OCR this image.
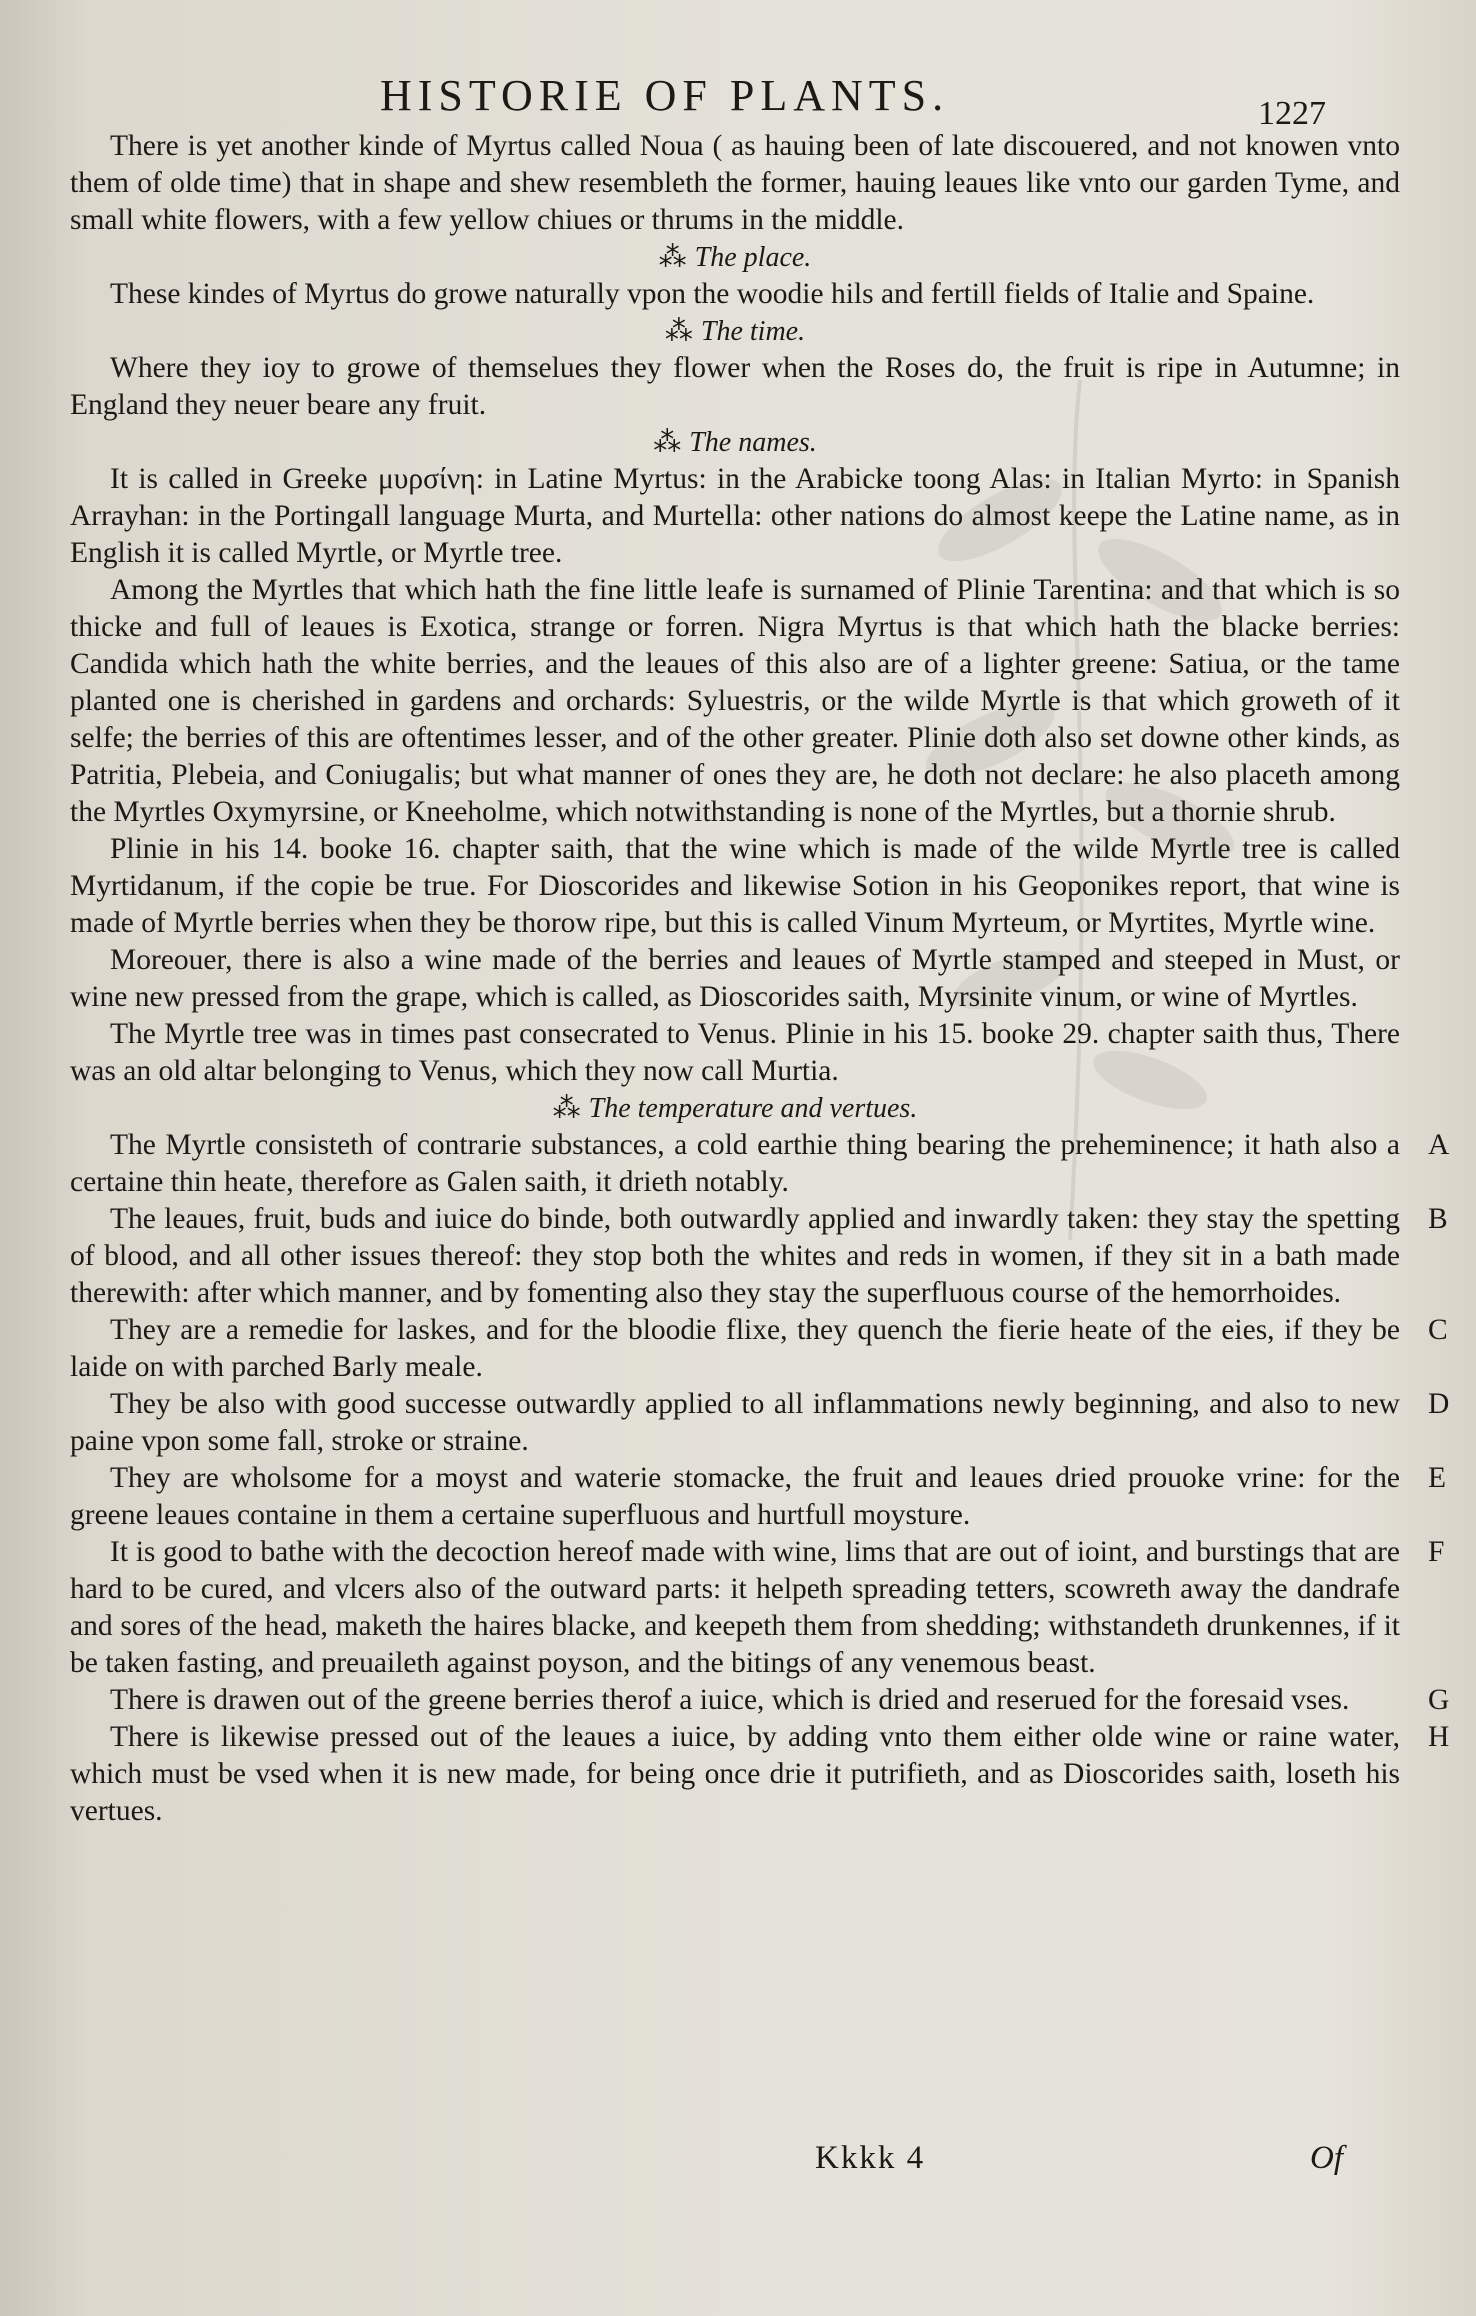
HISTORIE OF PLANTS.	1227

There is yet another kinde of Myrtus called Noua ( as hauing been of late discouered, and not knowen vnto them of olde time) that in shape and shew resembleth the former, hauing leaues like vnto our garden Tyme, and small white flowers, with a few yellow chiues or thrums in the middle.

⁂ The place.

These kindes of Myrtus do growe naturally vpon the woodie hils and fertill fields of Italie and Spaine.

⁂ The time.

Where they ioy to growe of themselues they flower when the Roses do, the fruit is ripe in Autumne; in England they neuer beare any fruit.

⁂ The names.

It is called in Greeke μυρσίνη: in Latine Myrtus: in the Arabicke toong Alas: in Italian Myrto: in Spanish Arrayhan: in the Portingall language Murta, and Murtella: other nations do almost keepe the Latine name, as in English it is called Myrtle, or Myrtle tree.

Among the Myrtles that which hath the fine little leafe is surnamed of Plinie Tarentina: and that which is so thicke and full of leaues is Exotica, strange or forren. Nigra Myrtus is that which hath the blacke berries: Candida which hath the white berries, and the leaues of this also are of a lighter greene: Satiua, or the tame planted one is cherished in gardens and orchards: Syluestris, or the wilde Myrtle is that which groweth of it selfe; the berries of this are oftentimes lesser, and of the other greater. Plinie doth also set downe other kinds, as Patritia, Plebeia, and Coniugalis; but what manner of ones they are, he doth not declare: he also placeth among the Myrtles Oxymyrsine, or Kneeholme, which notwithstanding is none of the Myrtles, but a thornie shrub.

Plinie in his 14. booke 16. chapter saith, that the wine which is made of the wilde Myrtle tree is called Myrtidanum, if the copie be true. For Dioscorides and likewise Sotion in his Geoponikes report, that wine is made of Myrtle berries when they be thorow ripe, but this is called Vinum Myrteum, or Myrtites, Myrtle wine.

Moreouer, there is also a wine made of the berries and leaues of Myrtle stamped and steeped in Must, or wine new pressed from the grape, which is called, as Dioscorides saith, Myrsinite vinum, or wine of Myrtles.

The Myrtle tree was in times past consecrated to Venus. Plinie in his 15. booke 29. chapter saith thus, There was an old altar belonging to Venus, which they now call Murtia.

⁂ The temperature and vertues.

The Myrtle consisteth of contrarie substances, a cold earthie thing bearing the preheminence; it hath also a certaine thin heate, therefore as Galen saith, it drieth notably.
A

The leaues, fruit, buds and iuice do binde, both outwardly applied and inwardly taken: they stay the spetting of blood, and all other issues thereof: they stop both the whites and reds in women, if they sit in a bath made therewith: after which manner, and by fomenting also they stay the superfluous course of the hemorrhoides.
B

They are a remedie for laskes, and for the bloodie flixe, they quench the fierie heate of the eies, if they be laide on with parched Barly meale.
C

They be also with good successe outwardly applied to all inflammations newly beginning, and also to new paine vpon some fall, stroke or straine.
D

They are wholsome for a moyst and waterie stomacke, the fruit and leaues dried prouoke vrine: for the greene leaues containe in them a certaine superfluous and hurtfull moysture.
E

It is good to bathe with the decoction hereof made with wine, lims that are out of ioint, and burstings that are hard to be cured, and vlcers also of the outward parts: it helpeth spreading tetters, scowreth away the dandrafe and sores of the head, maketh the haires blacke, and keepeth them from shedding; withstandeth drunkennes, if it be taken fasting, and preuaileth against poyson, and the bitings of any venemous beast.
F

There is drawen out of the greene berries therof a iuice, which is dried and reserued for the foresaid vses.	G

There is likewise pressed out of the leaues a iuice, by adding vnto them either olde wine or raine water, which must be vsed when it is new made, for being once drie it putrifieth, and as Dioscorides saith, loseth his vertues.
H

Kkkk 4	Of
